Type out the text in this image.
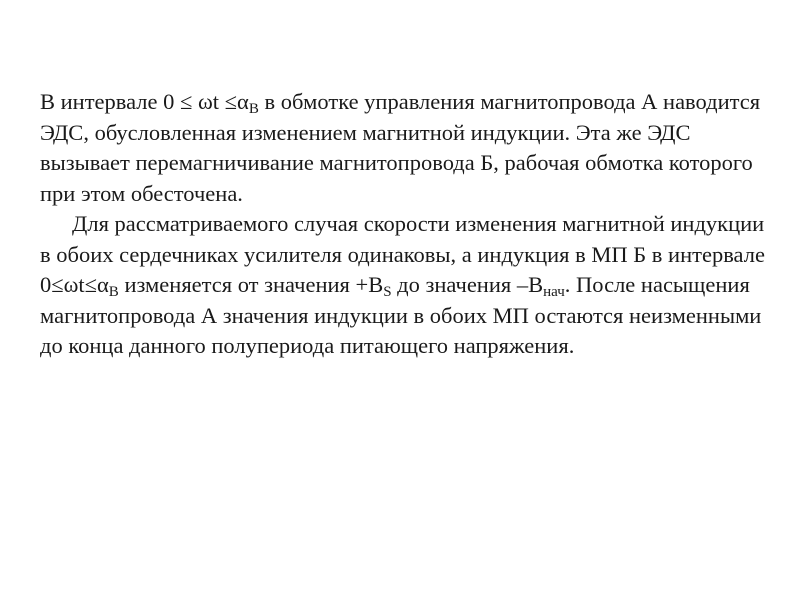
В интервале $0 \le \omega t \le\alpha_B$ в обмотке управления магнитопровода А наводится ЭДС, обусловленная изменением магнитной индукции. Эта же ЭДС вызывает перемагничивание магнитопровода Б, рабочая обмотка которого при этом обесточена.

Для рассматриваемого случая скорости изменения магнитной индукции в обоих сердечниках усилителя одинаковы, а индукция в МП Б в интервале $0\le\omega t\le\alpha_B$ изменяется от значения $+B_S$ до значения $-B_{нач}$. После насыщения магнитопровода А значения индукции в обоих МП остаются неизменными до конца данного полупериода питающего напряжения.
